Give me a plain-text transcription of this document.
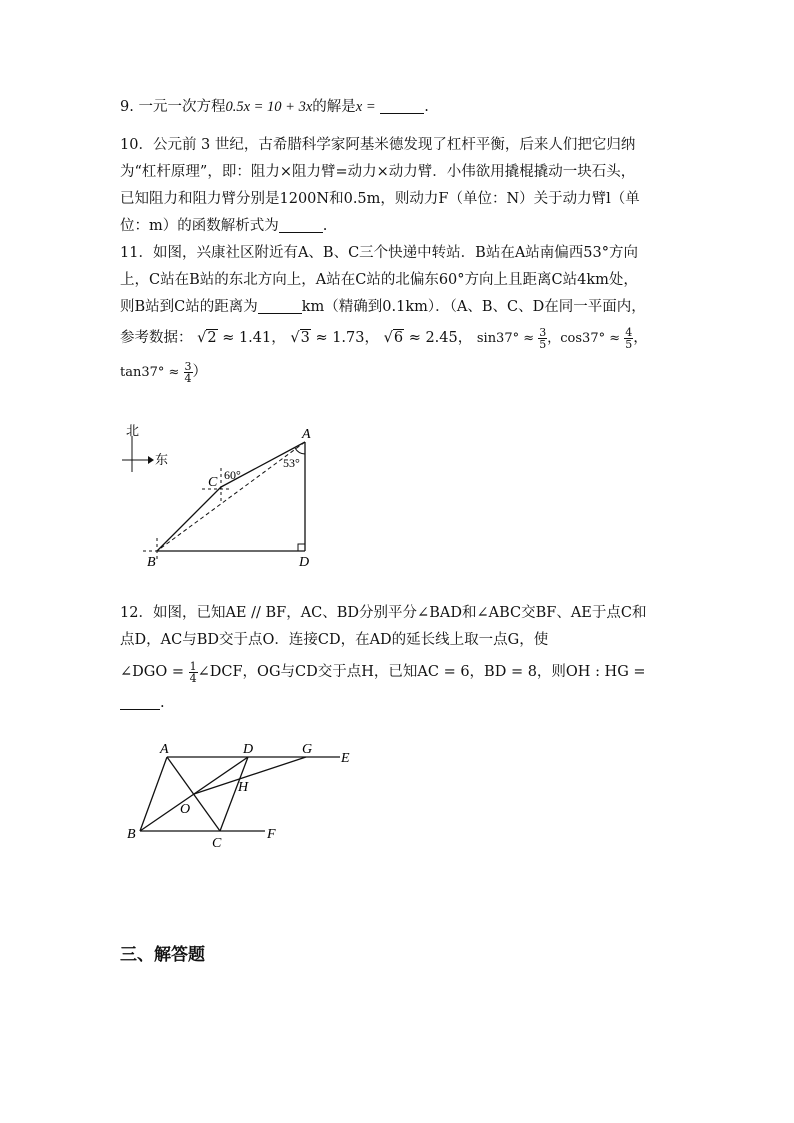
9. 一元一次方程0.5x = 10 + 3x的解是x =	.
10．公元前 3 世纪，古希腊科学家阿基米德发现了杠杆平衡，后来人们把它归纳
为“杠杆原理”，即：阻力×阻力臂=动力×动力臂．小伟欲用撬棍撬动一块石头，
已知阻力和阻力臂分别是1200N和0.5m，则动力F（单位：N）关于动力臂l（单
位：m）的函数解析式为	.
11．如图，兴康社区附近有A、B、C三个快递中转站．B站在A站南偏西53°方向
上，C站在B站的东北方向上，A站在C站的北偏东60°方向上且距离C站4km处，
则B站到C站的距离为	km（精确到0.1km）．（A、B、C、D在同一平面内，
参考数据： √2 ≈ 1.41， √3 ≈ 1.73， √6 ≈ 2.45， $\sin 37^\circ \approx \frac{3}{5}$ ，$\cos 37^\circ \approx \frac{4}{5}$ ，
$\tan 37^\circ \approx \frac{3}{4}$ ）
北
东
A
B
C
D
60°
53°
12．如图，已知AE // BF，AC、BD分别平分∠BAD和∠ABC交BF、AE于点C和
点D，AC与BD交于点O．连接CD，在AD的延长线上取一点G，使
∠DGO = $\frac{1}{4}$ ∠DCF，OG与CD交于点H，已知AC = 6，BD = 8，则OH : HG =
.
A	D	G
E
H
O
B
C
F
三、解答题
